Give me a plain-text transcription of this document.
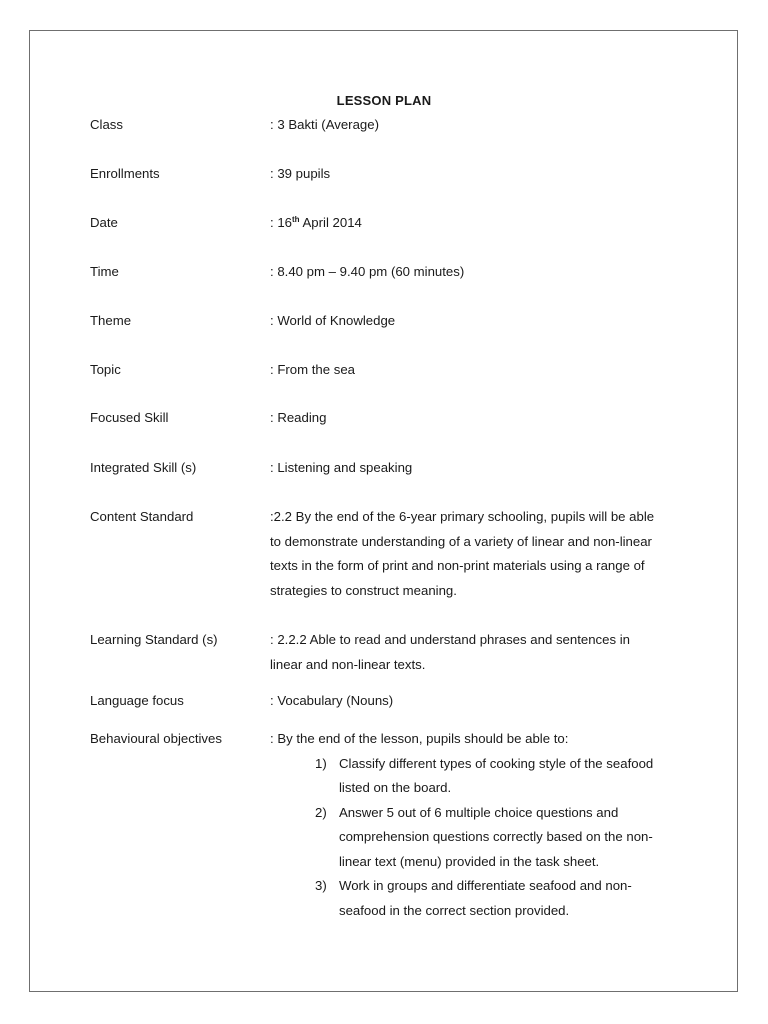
LESSON PLAN
Class	: 3 Bakti (Average)
Enrollments	: 39 pupils
Date	: 16th April 2014
Time	: 8.40 pm – 9.40 pm (60 minutes)
Theme	: World of Knowledge
Topic	: From the sea
Focused Skill	: Reading
Integrated Skill (s)	: Listening and speaking
Content Standard	:2.2 By the end of the 6-year primary schooling, pupils will be able
to demonstrate understanding of a variety of linear and non-linear
texts in the form of print and non-print materials using a range of
strategies to construct meaning.
Learning Standard (s)	: 2.2.2 Able to read and understand phrases and sentences in
linear and non-linear texts.
Language focus	: Vocabulary (Nouns)
Behavioural objectives	: By the end of the lesson, pupils should be able to:
1) Classify different types of cooking style of the seafood
listed on the board.
2) Answer 5 out of 6 multiple choice questions and
comprehension questions correctly based on the non-
linear text (menu) provided in the task sheet.
3) Work in groups and differentiate seafood and non-
seafood in the correct section provided.
